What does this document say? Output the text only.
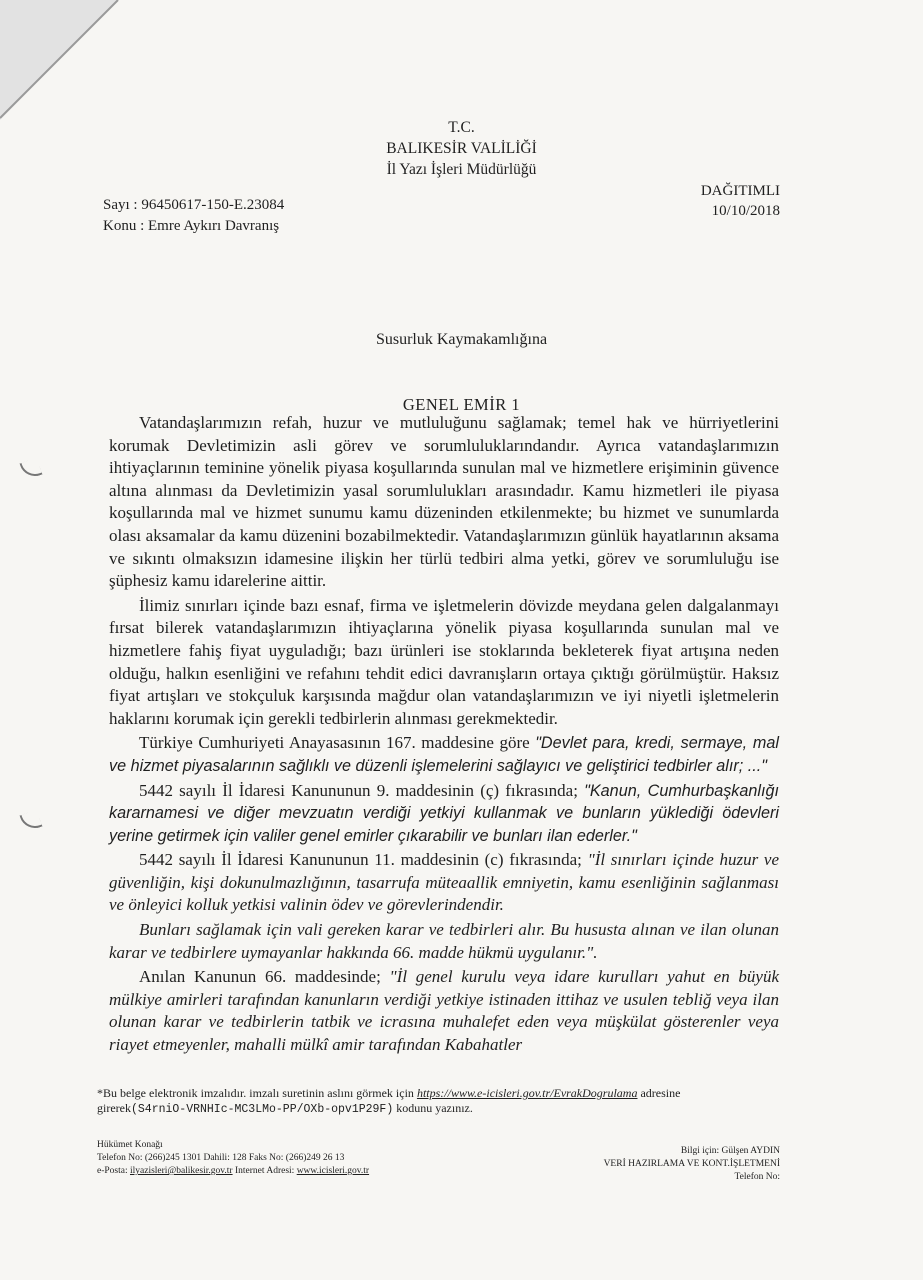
T.C.
BALIKESİR VALİLİĞİ
İl Yazı İşleri Müdürlüğü
Sayı : 96450617-150-E.23084
Konu : Emre Aykırı Davranış
DAĞITIMLI
10/10/2018
Susurluk Kaymakamlığına
GENEL EMİR 1

Vatandaşlarımızın refah, huzur ve mutluluğunu sağlamak; temel hak ve hürriyetlerini korumak Devletimizin asli görev ve sorumluluklarındandır. Ayrıca vatandaşlarımızın ihtiyaçlarının teminine yönelik piyasa koşullarında sunulan mal ve hizmetlere erişiminin güvence altına alınması da Devletimizin yasal sorumlulukları arasındadır. Kamu hizmetleri ile piyasa koşullarında mal ve hizmet sunumu kamu düzeninden etkilenmekte; bu hizmet ve sunumlarda olası aksamalar da kamu düzenini bozabilmektedir. Vatandaşlarımızın günlük hayatlarının aksama ve sıkıntı olmaksızın idamesine ilişkin her türlü tedbiri alma yetki, görev ve sorumluluğu ise şüphesiz kamu idarelerine aittir.

İlimiz sınırları içinde bazı esnaf, firma ve işletmelerin dövizde meydana gelen dalgalanmayı fırsat bilerek vatandaşlarımızın ihtiyaçlarına yönelik piyasa koşullarında sunulan mal ve hizmetlere fahiş fiyat uyguladığı; bazı ürünleri ise stoklarında bekleterek fiyat artışına neden olduğu, halkın esenliğini ve refahını tehdit edici davranışların ortaya çıktığı görülmüştür. Haksız fiyat artışları ve stokçuluk karşısında mağdur olan vatandaşlarımızın ve iyi niyetli işletmelerin haklarını korumak için gerekli tedbirlerin alınması gerekmektedir.

Türkiye Cumhuriyeti Anayasasının 167. maddesine göre "Devlet para, kredi, sermaye, mal ve hizmet piyasalarının sağlıklı ve düzenli işlemelerini sağlayıcı ve geliştirici tedbirler alır; ..."

5442 sayılı İl İdaresi Kanununun 9. maddesinin (ç) fıkrasında; "Kanun, Cumhurbaşkanlığı kararnamesi ve diğer mevzuatın verdiği yetkiyi kullanmak ve bunların yüklediği ödevleri yerine getirmek için valiler genel emirler çıkarabilir ve bunları ilan ederler."

5442 sayılı İl İdaresi Kanununun 11. maddesinin (c) fıkrasında; "İl sınırları içinde huzur ve güvenliğin, kişi dokunulmazlığının, tasarrufa müteaallik emniyetin, kamu esenliğinin sağlanması ve önleyici kolluk yetkisi valinin ödev ve görevlerindendir.

Bunları sağlamak için vali gereken karar ve tedbirleri alır. Bu hususta alınan ve ilan olunan karar ve tedbirlere uymayanlar hakkında 66. madde hükmü uygulanır.".

Anılan Kanunun 66. maddesinde; "İl genel kurulu veya idare kurulları yahut en büyük mülkiye amirleri tarafından kanunların verdiği yetkiye istinaden ittihaz ve usulen tebliğ veya ilan olunan karar ve tedbirlerin tatbik ve icrasına muhalefet eden veya müşkülat gösterenler veya riayet etmeyenler, mahalli mülkî amir tarafından Kabahatler

*Bu belge elektronik imzalıdır. imzalı suretinin aslını görmek için https://www.e-icisleri.gov.tr/EvrakDogrulama adresine
girerek(S4rniO-VRNHIc-MC3LMo-PP/OXb-opv1P29F) kodunu yazınız.
Hükümet Konağı
Telefon No: (266)245 1301 Dahili: 128 Faks No: (266)249 26 13
e-Posta: ilyazisleri@balikesir.gov.tr Internet Adresi: www.icisleri.gov.tr
Bilgi için: Gülşen AYDIN
VERİ HAZIRLAMA VE KONT.İŞLETMENİ
Telefon No:
